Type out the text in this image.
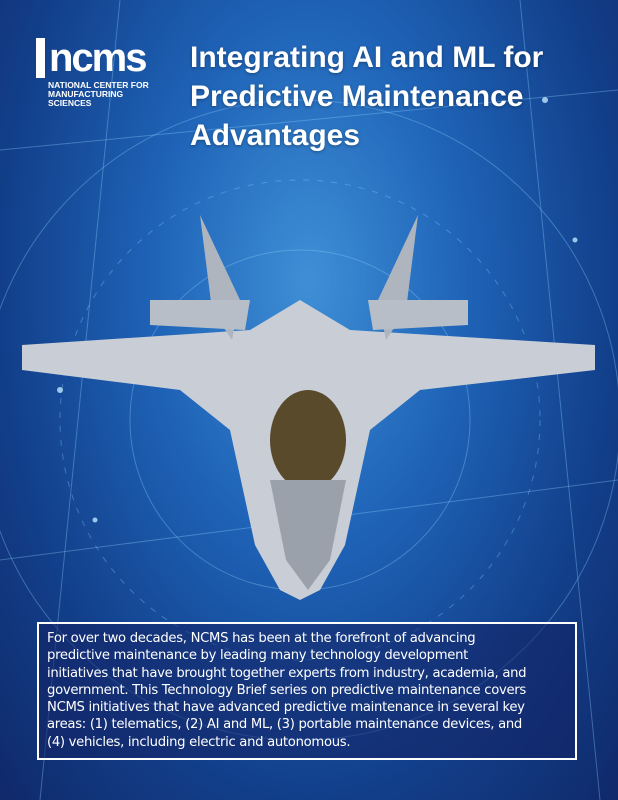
ncms
NATIONAL CENTER FOR
MANUFACTURING SCIENCES
Integrating AI and ML for
Predictive Maintenance
Advantages
For over two decades, NCMS has been at the forefront of advancing
predictive maintenance by leading many technology development
initiatives that have brought together experts from industry, academia, and
government. This Technology Brief series on predictive maintenance covers
NCMS initiatives that have advanced predictive maintenance in several key
areas: (1) telematics, (2) AI and ML, (3) portable maintenance devices, and
(4) vehicles, including electric and autonomous.
